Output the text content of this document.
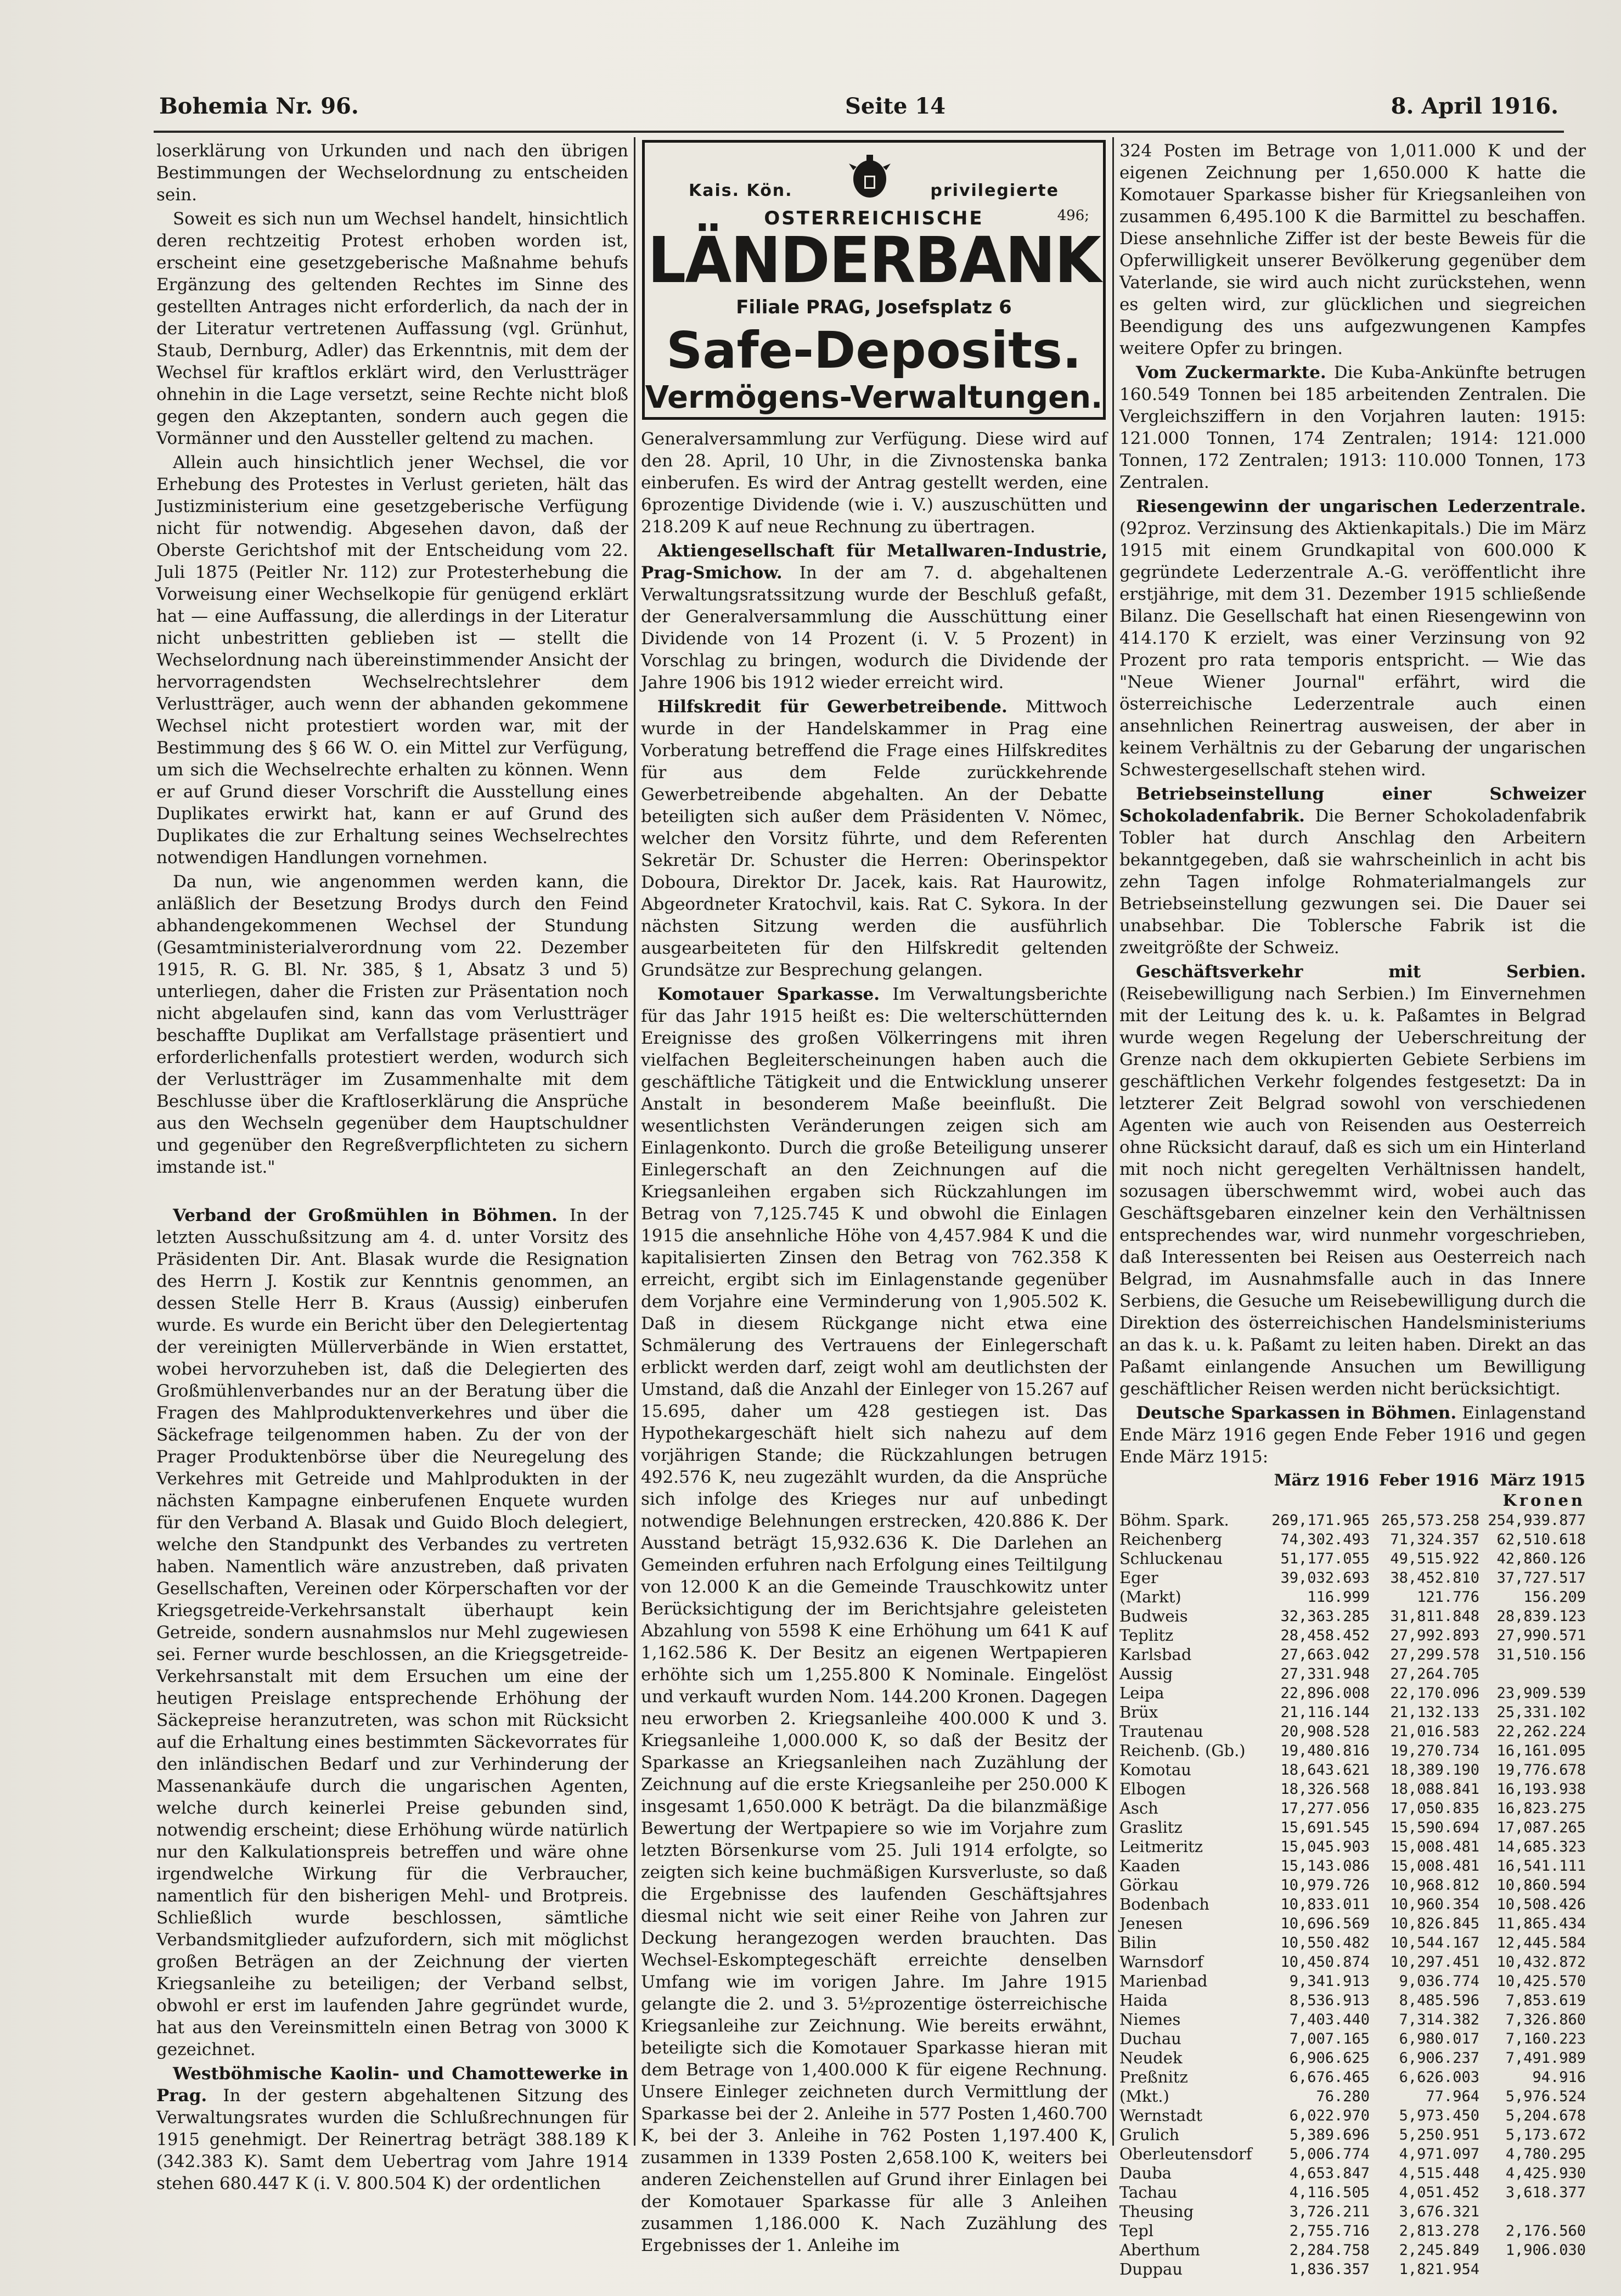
Bohemia Nr. 96.	Seite 14	8. April 1916.

loserklärung von Urkunden und nach den übrigen Bestimmungen der Wechselordnung zu entscheiden sein.

Soweit es sich nun um Wechsel handelt, hinsichtlich deren rechtzeitig Protest erhoben worden ist, erscheint eine gesetzgeberische Maßnahme behufs Ergänzung des geltenden Rechtes im Sinne des gestellten Antrages nicht erforderlich, da nach der in der Literatur vertretenen Auffassung (vgl. Grünhut, Staub, Dernburg, Adler) das Erkenntnis, mit dem der Wechsel für kraftlos erklärt wird, den Verlustträger ohnehin in die Lage versetzt, seine Rechte nicht bloß gegen den Akzeptanten, sondern auch gegen die Vormänner und den Aussteller geltend zu machen.

Allein auch hinsichtlich jener Wechsel, die vor Erhebung des Protestes in Verlust gerieten, hält das Justizministerium eine gesetzgeberische Verfügung nicht für notwendig. Abgesehen davon, daß der Oberste Gerichtshof mit der Entscheidung vom 22. Juli 1875 (Peitler Nr. 112) zur Protesterhebung die Vorweisung einer Wechselkopie für genügend erklärt hat — eine Auffassung, die allerdings in der Literatur nicht unbestritten geblieben ist — stellt die Wechselordnung nach übereinstimmender Ansicht der hervorragendsten Wechselrechtslehrer dem Verlustträger, auch wenn der abhanden gekommene Wechsel nicht protestiert worden war, mit der Bestimmung des § 66 W. O. ein Mittel zur Verfügung, um sich die Wechselrechte erhalten zu können. Wenn er auf Grund dieser Vorschrift die Ausstellung eines Duplikates erwirkt hat, kann er auf Grund des Duplikates die zur Erhaltung seines Wechselrechtes notwendigen Handlungen vornehmen.

Da nun, wie angenommen werden kann, die anläßlich der Besetzung Brodys durch den Feind abhandengekommenen Wechsel der Stundung (Gesamtministerialverordnung vom 22. Dezember 1915, R. G. Bl. Nr. 385, § 1, Absatz 3 und 5) unterliegen, daher die Fristen zur Präsentation noch nicht abgelaufen sind, kann das vom Verlustträger beschaffte Duplikat am Verfallstage präsentiert und erforderlichenfalls protestiert werden, wodurch sich der Verlustträger im Zusammenhalte mit dem Beschlusse über die Kraftloserklärung die Ansprüche aus den Wechseln gegenüber dem Hauptschuldner und gegenüber den Regreßverpflichteten zu sichern imstande ist."

Verband der Großmühlen in Böhmen. In der letzten Ausschußsitzung am 4. d. unter Vorsitz des Präsidenten Dir. Ant. Blasak wurde die Resignation des Herrn J. Kostik zur Kenntnis genommen, an dessen Stelle Herr B. Kraus (Aussig) einberufen wurde. Es wurde ein Bericht über den Delegiertentag der vereinigten Müllerverbände in Wien erstattet, wobei hervorzuheben ist, daß die Delegierten des Großmühlenverbandes nur an der Beratung über die Fragen des Mahlproduktenverkehres und über die Säckefrage teilgenommen haben. Zu der von der Prager Produktenbörse über die Neuregelung des Verkehres mit Getreide und Mahlprodukten in der nächsten Kampagne einberufenen Enquete wurden für den Verband A. Blasak und Guido Bloch delegiert, welche den Standpunkt des Verbandes zu vertreten haben. Namentlich wäre anzustreben, daß privaten Gesellschaften, Vereinen oder Körperschaften vor der Kriegsgetreide-Verkehrsanstalt überhaupt kein Getreide, sondern ausnahmslos nur Mehl zugewiesen sei. Ferner wurde beschlossen, an die Kriegsgetreide-Verkehrsanstalt mit dem Ersuchen um eine der heutigen Preislage entsprechende Erhöhung der Säckepreise heranzutreten, was schon mit Rücksicht auf die Erhaltung eines bestimmten Säckevorrates für den inländischen Bedarf und zur Verhinderung der Massenankäufe durch die ungarischen Agenten, welche durch keinerlei Preise gebunden sind, notwendig erscheint; diese Erhöhung würde natürlich nur den Kalkulationspreis betreffen und wäre ohne irgendwelche Wirkung für die Verbraucher, namentlich für den bisherigen Mehl- und Brotpreis. Schließlich wurde beschlossen, sämtliche Verbandsmitglieder aufzufordern, sich mit möglichst großen Beträgen an der Zeichnung der vierten Kriegsanleihe zu beteiligen; der Verband selbst, obwohl er erst im laufenden Jahre gegründet wurde, hat aus den Vereinsmitteln einen Betrag von 3000 K gezeichnet.

Westböhmische Kaolin- und Chamottewerke in Prag. In der gestern abgehaltenen Sitzung des Verwaltungsrates wurden die Schlußrechnungen für 1915 genehmigt. Der Reinertrag beträgt 388.189 K (342.383 K). Samt dem Uebertrag vom Jahre 1914 stehen 680.447 K (i. V. 800.504 K) der ordentlichen

Kais. Kön.	privilegierte
OSTERREICHISCHE	496;
LÄNDERBANK
Filiale PRAG, Josefsplatz 6
Safe-Deposits.
Vermögens-Verwaltungen.

Generalversammlung zur Verfügung. Diese wird auf den 28. April, 10 Uhr, in die Zivnostenska banka einberufen. Es wird der Antrag gestellt werden, eine 6prozentige Dividende (wie i. V.) auszuschütten und 218.209 K auf neue Rechnung zu übertragen.

Aktiengesellschaft für Metallwaren-Industrie, Prag-Smichow. In der am 7. d. abgehaltenen Verwaltungsratssitzung wurde der Beschluß gefaßt, der Generalversammlung die Ausschüttung einer Dividende von 14 Prozent (i. V. 5 Prozent) in Vorschlag zu bringen, wodurch die Dividende der Jahre 1906 bis 1912 wieder erreicht wird.

Hilfskredit für Gewerbetreibende. Mittwoch wurde in der Handelskammer in Prag eine Vorberatung betreffend die Frage eines Hilfskredites für aus dem Felde zurückkehrende Gewerbetreibende abgehalten. An der Debatte beteiligten sich außer dem Präsidenten V. Nömec, welcher den Vorsitz führte, und dem Referenten Sekretär Dr. Schuster die Herren: Oberinspektor Doboura, Direktor Dr. Jacek, kais. Rat Haurowitz, Abgeordneter Kratochvil, kais. Rat C. Sykora. In der nächsten Sitzung werden die ausführlich ausgearbeiteten für den Hilfskredit geltenden Grundsätze zur Besprechung gelangen.

Komotauer Sparkasse. Im Verwaltungsberichte für das Jahr 1915 heißt es: Die welterschütternden Ereignisse des großen Völkerringens mit ihren vielfachen Begleiterscheinungen haben auch die geschäftliche Tätigkeit und die Entwicklung unserer Anstalt in besonderem Maße beeinflußt. Die wesentlichsten Veränderungen zeigen sich am Einlagenkonto. Durch die große Beteiligung unserer Einlegerschaft an den Zeichnungen auf die Kriegsanleihen ergaben sich Rückzahlungen im Betrag von 7,125.745 K und obwohl die Einlagen 1915 die ansehnliche Höhe von 4,457.984 K und die kapitalisierten Zinsen den Betrag von 762.358 K erreicht, ergibt sich im Einlagenstande gegenüber dem Vorjahre eine Verminderung von 1,905.502 K. Daß in diesem Rückgange nicht etwa eine Schmälerung des Vertrauens der Einlegerschaft erblickt werden darf, zeigt wohl am deutlichsten der Umstand, daß die Anzahl der Einleger von 15.267 auf 15.695, daher um 428 gestiegen ist. Das Hypothekargeschäft hielt sich nahezu auf dem vorjährigen Stande; die Rückzahlungen betrugen 492.576 K, neu zugezählt wurden, da die Ansprüche sich infolge des Krieges nur auf unbedingt notwendige Belehnungen erstrecken, 420.886 K. Der Ausstand beträgt 15,932.636 K. Die Darlehen an Gemeinden erfuhren nach Erfolgung eines Teiltilgung von 12.000 K an die Gemeinde Trauschkowitz unter Berücksichtigung der im Berichtsjahre geleisteten Abzahlung von 5598 K eine Erhöhung um 641 K auf 1,162.586 K. Der Besitz an eigenen Wertpapieren erhöhte sich um 1,255.800 K Nominale. Eingelöst und verkauft wurden Nom. 144.200 Kronen. Dagegen neu erworben 2. Kriegsanleihe 400.000 K und 3. Kriegsanleihe 1,000.000 K, so daß der Besitz der Sparkasse an Kriegsanleihen nach Zuzählung der Zeichnung auf die erste Kriegsanleihe per 250.000 K insgesamt 1,650.000 K beträgt. Da die bilanzmäßige Bewertung der Wertpapiere so wie im Vorjahre zum letzten Börsenkurse vom 25. Juli 1914 erfolgte, so zeigten sich keine buchmäßigen Kursverluste, so daß die Ergebnisse des laufenden Geschäftsjahres diesmal nicht wie seit einer Reihe von Jahren zur Deckung herangezogen werden brauchten. Das Wechsel-Eskomptegeschäft erreichte denselben Umfang wie im vorigen Jahre. Im Jahre 1915 gelangte die 2. und 3. 5½prozentige österreichische Kriegsanleihe zur Zeichnung. Wie bereits erwähnt, beteiligte sich die Komotauer Sparkasse hieran mit dem Betrage von 1,400.000 K für eigene Rechnung. Unsere Einleger zeichneten durch Vermittlung der Sparkasse bei der 2. Anleihe in 577 Posten 1,460.700 K, bei der 3. Anleihe in 762 Posten 1,197.400 K, zusammen in 1339 Posten 2,658.100 K, weiters bei anderen Zeichenstellen auf Grund ihrer Einlagen bei der Komotauer Sparkasse für alle 3 Anleihen zusammen 1,186.000 K. Nach Zuzählung des Ergebnisses der 1. Anleihe im

324 Posten im Betrage von 1,011.000 K und der eigenen Zeichnung per 1,650.000 K hatte die Komotauer Sparkasse bisher für Kriegsanleihen von zusammen 6,495.100 K die Barmittel zu beschaffen. Diese ansehnliche Ziffer ist der beste Beweis für die Opferwilligkeit unserer Bevölkerung gegenüber dem Vaterlande, sie wird auch nicht zurückstehen, wenn es gelten wird, zur glücklichen und siegreichen Beendigung des uns aufgezwungenen Kampfes weitere Opfer zu bringen.

Vom Zuckermarkte. Die Kuba-Ankünfte betrugen 160.549 Tonnen bei 185 arbeitenden Zentralen. Die Vergleichsziffern in den Vorjahren lauten: 1915: 121.000 Tonnen, 174 Zentralen; 1914: 121.000 Tonnen, 172 Zentralen; 1913: 110.000 Tonnen, 173 Zentralen.

Riesengewinn der ungarischen Lederzentrale. (92proz. Verzinsung des Aktienkapitals.) Die im März 1915 mit einem Grundkapital von 600.000 K gegründete Lederzentrale A.-G. veröffentlicht ihre erstjährige, mit dem 31. Dezember 1915 schließende Bilanz. Die Gesellschaft hat einen Riesengewinn von 414.170 K erzielt, was einer Verzinsung von 92 Prozent pro rata temporis entspricht. — Wie das "Neue Wiener Journal" erfährt, wird die österreichische Lederzentrale auch einen ansehnlichen Reinertrag ausweisen, der aber in keinem Verhältnis zu der Gebarung der ungarischen Schwestergesellschaft stehen wird.

Betriebseinstellung einer Schweizer Schokoladenfabrik. Die Berner Schokoladenfabrik Tobler hat durch Anschlag den Arbeitern bekanntgegeben, daß sie wahrscheinlich in acht bis zehn Tagen infolge Rohmaterialmangels zur Betriebseinstellung gezwungen sei. Die Dauer sei unabsehbar. Die Toblersche Fabrik ist die zweitgrößte der Schweiz.

Geschäftsverkehr mit Serbien. (Reisebewilligung nach Serbien.) Im Einvernehmen mit der Leitung des k. u. k. Paßamtes in Belgrad wurde wegen Regelung der Ueberschreitung der Grenze nach dem okkupierten Gebiete Serbiens im geschäftlichen Verkehr folgendes festgesetzt: Da in letzterer Zeit Belgrad sowohl von verschiedenen Agenten wie auch von Reisenden aus Oesterreich ohne Rücksicht darauf, daß es sich um ein Hinterland mit noch nicht geregelten Verhältnissen handelt, sozusagen überschwemmt wird, wobei auch das Geschäftsgebaren einzelner kein den Verhältnissen entsprechendes war, wird nunmehr vorgeschrieben, daß Interessenten bei Reisen aus Oesterreich nach Belgrad, im Ausnahmsfalle auch in das Innere Serbiens, die Gesuche um Reisebewilligung durch die Direktion des österreichischen Handelsministeriums an das k. u. k. Paßamt zu leiten haben. Direkt an das Paßamt einlangende Ansuchen um Bewilligung geschäftlicher Reisen werden nicht berücksichtigt.

Deutsche Sparkassen in Böhmen. Einlagenstand Ende März 1916 gegen Ende Feber 1916 und gegen Ende März 1915:

	März 1916	Feber 1916	März 1915
	Kronen		
Böhm. Spark.	269,171.965	265,573.258	254,939.877
Reichenberg	74,302.493	71,324.357	62,510.618
Schluckenau	51,177.055	49,515.922	42,860.126
Eger	39,032.693	38,452.810	37,727.517
(Markt)	116.999	121.776	156.209
Budweis	32,363.285	31,811.848	28,839.123
Teplitz	28,458.452	27,992.893	27,990.571
Karlsbad	27,663.042	27,299.578	31,510.156
Aussig	27,331.948	27,264.705	
Leipa	22,896.008	22,170.096	23,909.539
Brüx	21,116.144	21,132.133	25,331.102
Trautenau	20,908.528	21,016.583	22,262.224
Reichenb. (Gb.)	19,480.816	19,270.734	16,161.095
Komotau	18,643.621	18,389.190	19,776.678
Elbogen	18,326.568	18,088.841	16,193.938
Asch	17,277.056	17,050.835	16,823.275
Graslitz	15,691.545	15,590.694	17,087.265
Leitmeritz	15,045.903	15,008.481	14,685.323
Kaaden	15,143.086	15,008.481	16,541.111
Görkau	10,979.726	10,968.812	10,860.594
Bodenbach	10,833.011	10,960.354	10,508.426
Jenesen	10,696.569	10,826.845	11,865.434
Bilin	10,550.482	10,544.167	12,445.584
Warnsdorf	10,450.874	10,297.451	10,432.872
Marienbad	9,341.913	9,036.774	10,425.570
Haida	8,536.913	8,485.596	7,853.619
Niemes	7,403.440	7,314.382	7,326.860
Duchau	7,007.165	6,980.017	7,160.223
Neudek	6,906.625	6,906.237	7,491.989
Preßnitz	6,676.465	6,626.003	94.916
(Mkt.)	76.280	77.964	5,976.524
Wernstadt	6,022.970	5,973.450	5,204.678
Grulich	5,389.696	5,250.951	5,173.672
Oberleutensdorf	5,006.774	4,971.097	4,780.295
Dauba	4,653.847	4,515.448	4,425.930
Tachau	4,116.505	4,051.452	3,618.377
Theusing	3,726.211	3,676.321	
Tepl	2,755.716	2,813.278	2,176.560
Aberthum	2,284.758	2,245.849	1,906.030
Duppau	1,836.357	1,821.954	
